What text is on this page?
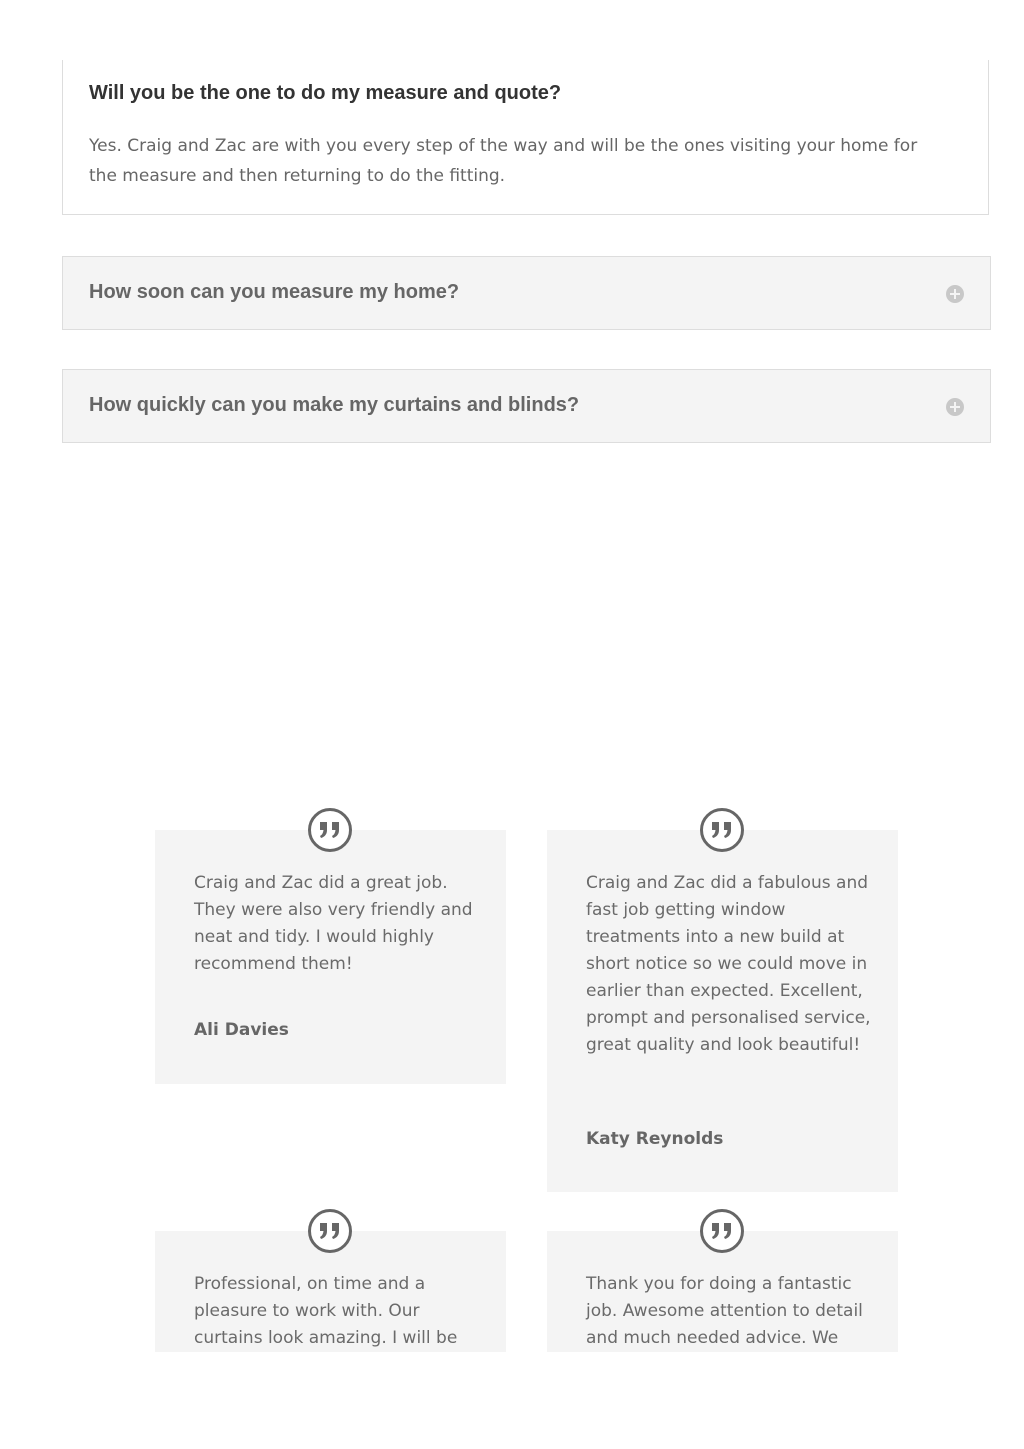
Will you be the one to do my measure and quote?

Yes. Craig and Zac are with you every step of the way and will be the ones visiting your home for the measure and then returning to do the fitting.

How soon can you measure my home?
How quickly can you make my curtains and blinds?

Craig and Zac did a great job. They were also very friendly and neat and tidy. I would highly recommend them!

Ali Davies

Craig and Zac did a fabulous and fast job getting window treatments into a new build at short notice so we could move in earlier than expected. Excellent, prompt and personalised service, great quality and look beautiful!

Katy Reynolds

Professional, on time and a pleasure to work with. Our curtains look amazing. I will be

Thank you for doing a fantastic job. Awesome attention to detail and much needed advice. We
